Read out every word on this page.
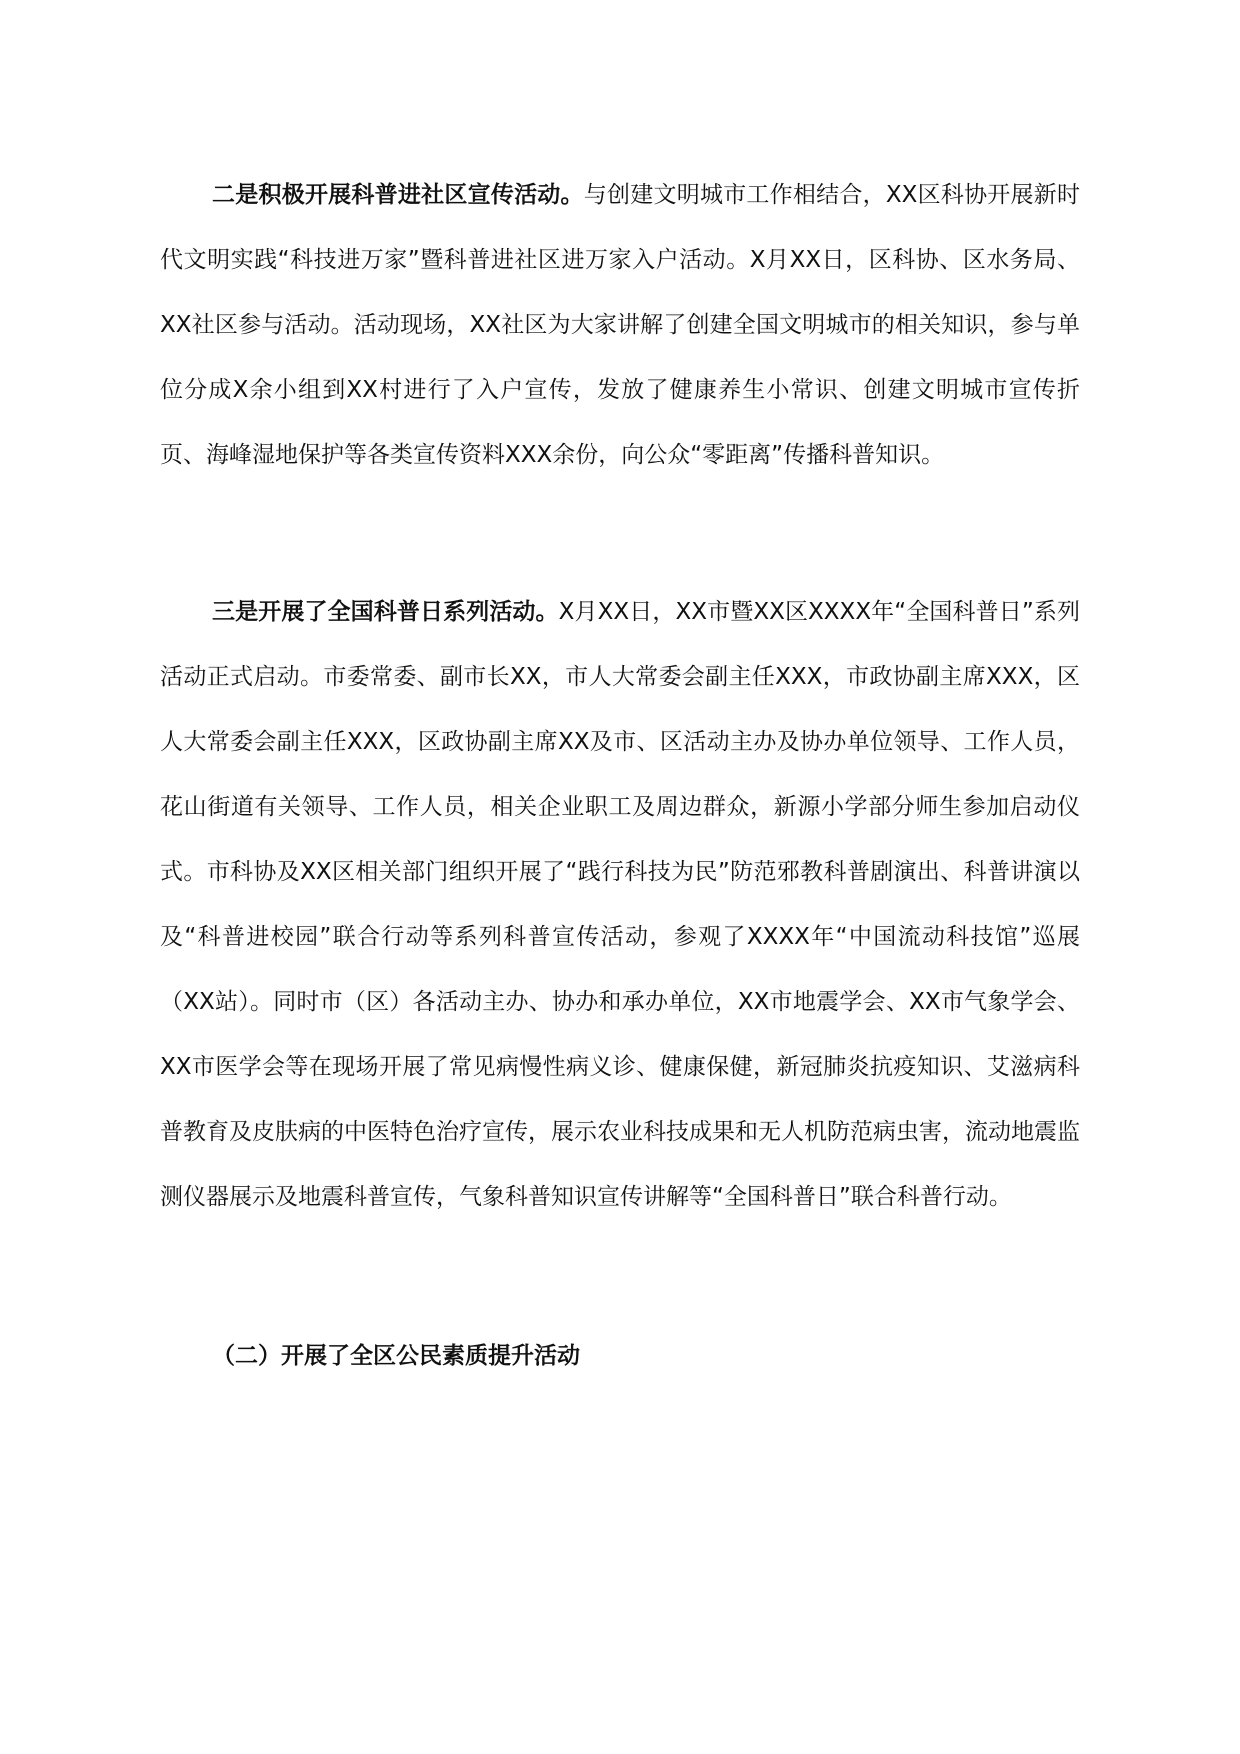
二是积极开展科普进社区宣传活动。与创建文明城市工作相结合，XX区科协开展新时代文明实践“科技进万家”暨科普进社区进万家入户活动。X月XX日，区科协、区水务局、XX社区参与活动。活动现场，XX社区为大家讲解了创建全国文明城市的相关知识，参与单位分成X余小组到XX村进行了入户宣传，发放了健康养生小常识、创建文明城市宣传折页、海峰湿地保护等各类宣传资料XXX余份，向公众“零距离”传播科普知识。

三是开展了全国科普日系列活动。X月XX日，XX市暨XX区XXXX年“全国科普日”系列活动正式启动。市委常委、副市长XX，市人大常委会副主任XXX，市政协副主席XXX，区人大常委会副主任XXX，区政协副主席XX及市、区活动主办及协办单位领导、工作人员，花山街道有关领导、工作人员，相关企业职工及周边群众，新源小学部分师生参加启动仪式。市科协及XX区相关部门组织开展了“践行科技为民”防范邪教科普剧演出、科普讲演以及“科普进校园”联合行动等系列科普宣传活动，参观了XXXX年“中国流动科技馆”巡展（XX站）。同时市（区）各活动主办、协办和承办单位，XX市地震学会、XX市气象学会、XX市医学会等在现场开展了常见病慢性病义诊、健康保健，新冠肺炎抗疫知识、艾滋病科普教育及皮肤病的中医特色治疗宣传，展示农业科技成果和无人机防范病虫害，流动地震监测仪器展示及地震科普宣传，气象科普知识宣传讲解等“全国科普日”联合科普行动。

（二）开展了全区公民素质提升活动
